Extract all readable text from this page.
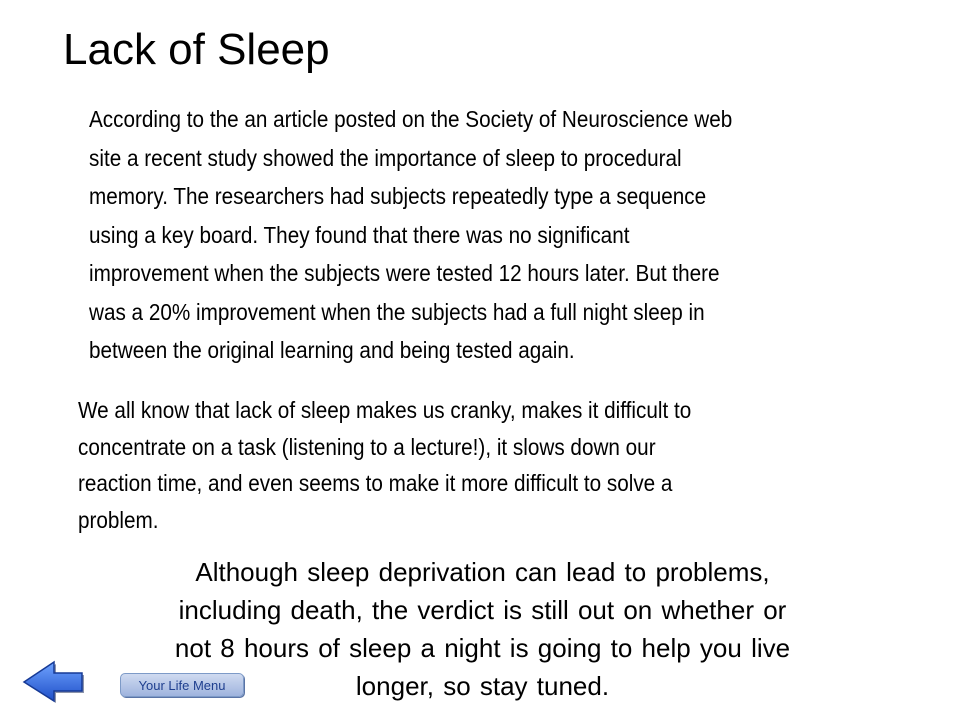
Lack of Sleep
According to the an article posted on the Society of Neuroscience web
site a recent study showed the importance of sleep to procedural
memory. The researchers had subjects repeatedly type a sequence
using a key board. They found that there was no significant
improvement when the subjects were tested 12 hours later. But there
was a 20% improvement when the subjects had a full night sleep in
between the original learning and being tested again.
We all know that lack of sleep makes us cranky, makes it difficult to
concentrate on a task (listening to a lecture!), it slows down our
reaction time, and even seems to make it more difficult to solve a
problem.
Although sleep deprivation can lead to problems,
including death, the verdict is still out on whether or
not 8 hours of sleep a night is going to help you live
longer, so stay tuned.
Your Life Menu
